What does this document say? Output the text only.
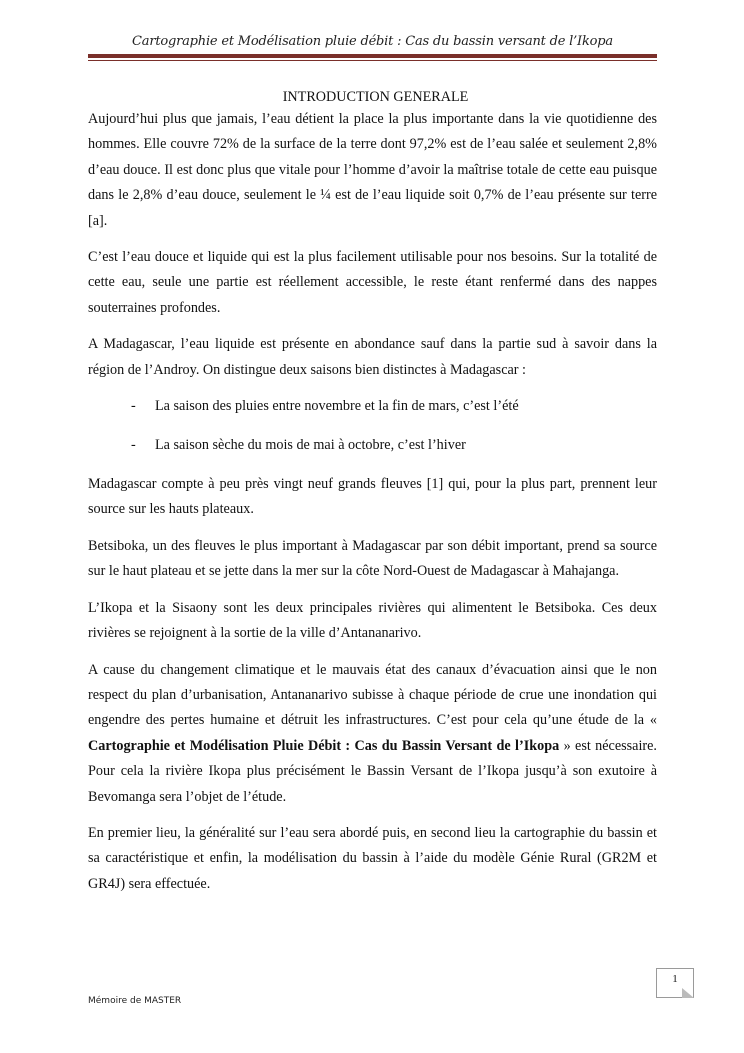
Cartographie et Modélisation pluie débit : Cas du bassin versant de l’Ikopa
INTRODUCTION GENERALE

Aujourd’hui plus que jamais, l’eau détient la place la plus importante dans la vie quotidienne des hommes. Elle couvre 72% de la surface de la terre dont 97,2% est de l’eau salée et seulement 2,8% d’eau douce. Il est donc plus que vitale pour l’homme d’avoir la maîtrise totale de cette eau puisque dans le 2,8% d’eau douce, seulement le ¼ est de l’eau liquide soit 0,7% de l’eau présente sur terre [a].

C’est l’eau douce et liquide qui est la plus facilement utilisable pour nos besoins. Sur la totalité de cette eau, seule une partie est réellement accessible, le reste étant renfermé dans des nappes souterraines profondes.

A Madagascar, l’eau liquide est présente en abondance sauf dans la partie sud à savoir dans la région de l’Androy. On distingue deux saisons bien distinctes à Madagascar :

- La saison des pluies entre novembre et la fin de mars, c’est l’été
- La saison sèche du mois de mai à octobre, c’est l’hiver

Madagascar compte à peu près vingt neuf grands fleuves [1] qui, pour la plus part, prennent leur source sur les hauts plateaux.

Betsiboka, un des fleuves le plus important à Madagascar par son débit important, prend sa source sur le haut plateau et se jette dans la mer sur la côte Nord-Ouest de Madagascar à Mahajanga.

L’Ikopa et la Sisaony sont les deux principales rivières qui alimentent le Betsiboka. Ces deux rivières se rejoignent à la sortie de la ville d’Antananarivo.

A cause du changement climatique et le mauvais état des canaux d’évacuation ainsi que le non respect du plan d’urbanisation, Antananarivo subisse à chaque période de crue une inondation qui engendre des pertes humaine et détruit les infrastructures. C’est pour cela qu’une étude de la « Cartographie et Modélisation Pluie Débit : Cas du Bassin Versant de l’Ikopa » est nécessaire. Pour cela la rivière Ikopa plus précisément le Bassin Versant de l’Ikopa jusqu’à son exutoire à Bevomanga sera l’objet de l’étude.

En premier lieu, la généralité sur l’eau sera abordé puis, en second lieu la cartographie du bassin et sa caractéristique et enfin, la modélisation du bassin à l’aide du modèle Génie Rural (GR2M et GR4J) sera effectuée.

1
Mémoire de MASTER
